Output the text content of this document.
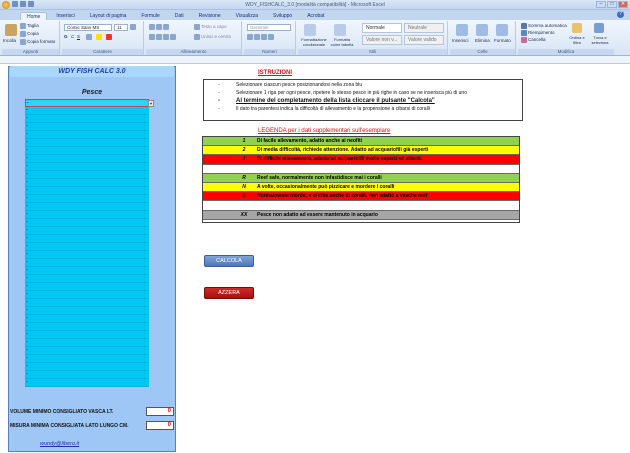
WDY_FISHCALC_3.0 [modalità compatibilità] - Microsoft Excel	–	□	✕
Home	Inserisci	Layout di pagina	Formule	Dati	Revisione	Visualizza	Sviluppo	Acrobat	?
Incolla
Taglia
Copia
Copia formato
Appunti
Comic Sans MS	11
G C S
Carattere
Testo a capo
Unisci e centra
Allineamento
Generale
Numeri
Formattazione condizionale
Formatta come tabella
Normale	Neutrale
Valore non v...	Valore valido
Stili
Inserisci Elimina Formato
Celle
Somma automatica
Riempimento
Cancella	Ordina e filtra
Trova e seleziona
Modifica
WDY FISH CALC 3.0
Pesce
-
-
-
-
-
-
-
-
-
-
-
-
-
-
-
-
-
-
-
-
-
-
-
-
-
-
-
-
-
-
-
-
-
-
-
-
▼
VOLUME MINIMO CONSIGLIATO VASCA LT.	0
MISURA MINIMA CONSIGLIATA LATO LUNGO CM.	0
wundy@libero.it
ISTRUZIONI
-	Selezionare ciascun pesce posizionandosi nella zona blu
-	Selezionare 1 riga per ogni pesce, ripetere lo stesso pesce in più righe in caso se ne inserisca più di uno
-	Al termine del completamento della lista cliccare il pulsante "Calcola"
-	Il dato tra parentesi indica la difficoltà di allevamento e la propensione a cibarsi di coralli
LEGENDA per i dati supplementari sull'esemplare
1	Di facile allevamento, adatto anche ai neofiti
2	Di media difficoltà, richiede attenzione. Adatto ad acquariofili già esperti
3	Di difficile allevamento, adatto ad acquariofili molto esperti ed attenti.
R	Reef safe, normalmente non infastidisce mai i coralli
N	A volte, occasionalmente può pizzicare e mordere i coralli
C	Normalmente morde, e si ciba anche di coralli, non adatto a vasche reef
XX	Pesce non adatto ad essere mantenuto in acquario
CALCOLA
AZZERA
